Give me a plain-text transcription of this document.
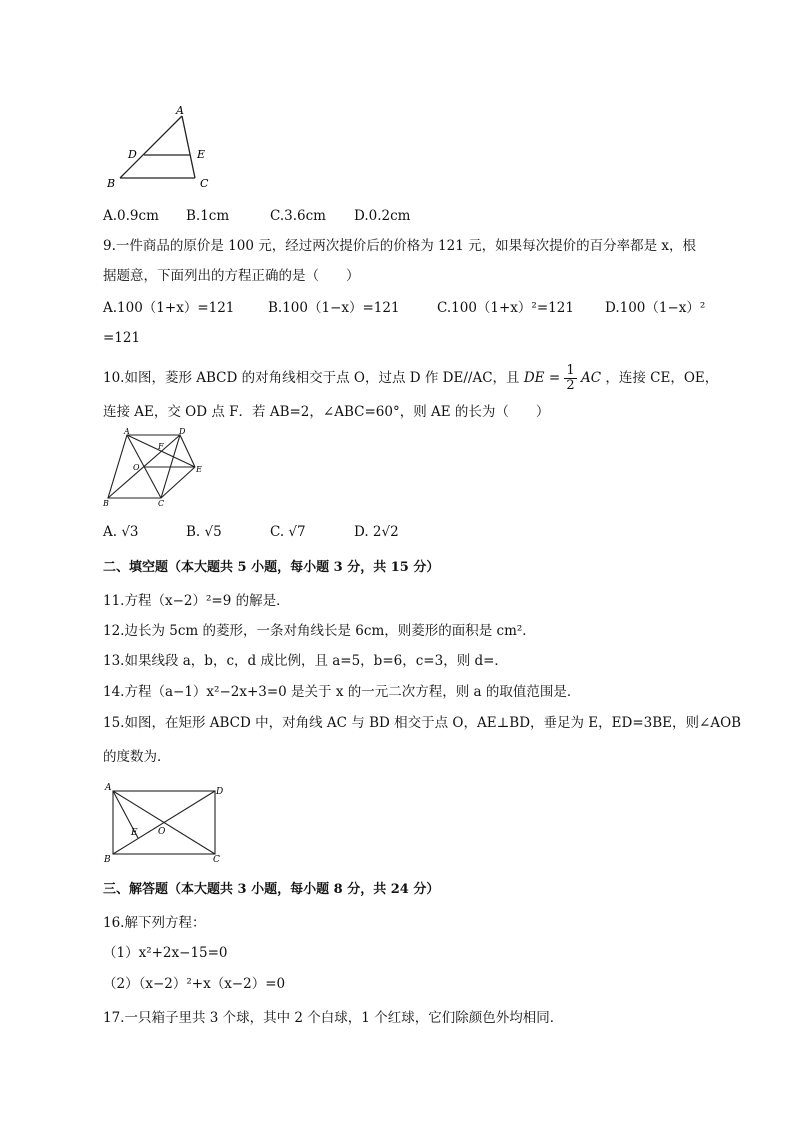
A
D	E
B	C
A.0.9cm B.1cm	C.3.6cm D.0.2cm
9.一件商品的原价是 100 元，经过两次提价后的价格为 121 元，如果每次提价的百分率都是 x，根
据题意，下面列出的方程正确的是（　　）
A.100（1+x）=121 B.100（1−x）=121	C.100（1+x）²=121 D.100（1−x）²
=121
10.如图，菱形 ABCD 的对角线相交于点 O，过点 D 作 DE//AC，且 DE = $\frac{1}{2}$ AC ，连接 CE，OE，
连接 AE，交 OD 点 F．若 AB=2，∠ABC=60°，则 AE 的长为（　　）
A	D
F
O	E
B	C
A. √3	B. √5	C. √7	D. 2√2
二、填空题（本大题共 5 小题，每小题 3 分，共 15 分）
11.方程（x−2）²=9 的解是．
12.边长为 5cm 的菱形，一条对角线长是 6cm，则菱形的面积是 cm²．
13.如果线段 a，b，c，d 成比例，且 a=5，b=6，c=3，则 d=．
14.方程（a−1）x²−2x+3=0 是关于 x 的一元二次方程，则 a 的取值范围是．
15.如图，在矩形 ABCD 中，对角线 AC 与 BD 相交于点 O，AE⊥BD，垂足为 E，ED=3BE，则∠AOB
的度数为．
A	D
E O
B	C
三、解答题（本大题共 3 小题，每小题 8 分，共 24 分）
16.解下列方程：
（1）x²+2x−15=0
（2）（x−2）²+x（x−2）=0
17.一只箱子里共 3 个球，其中 2 个白球，1 个红球，它们除颜色外均相同．
